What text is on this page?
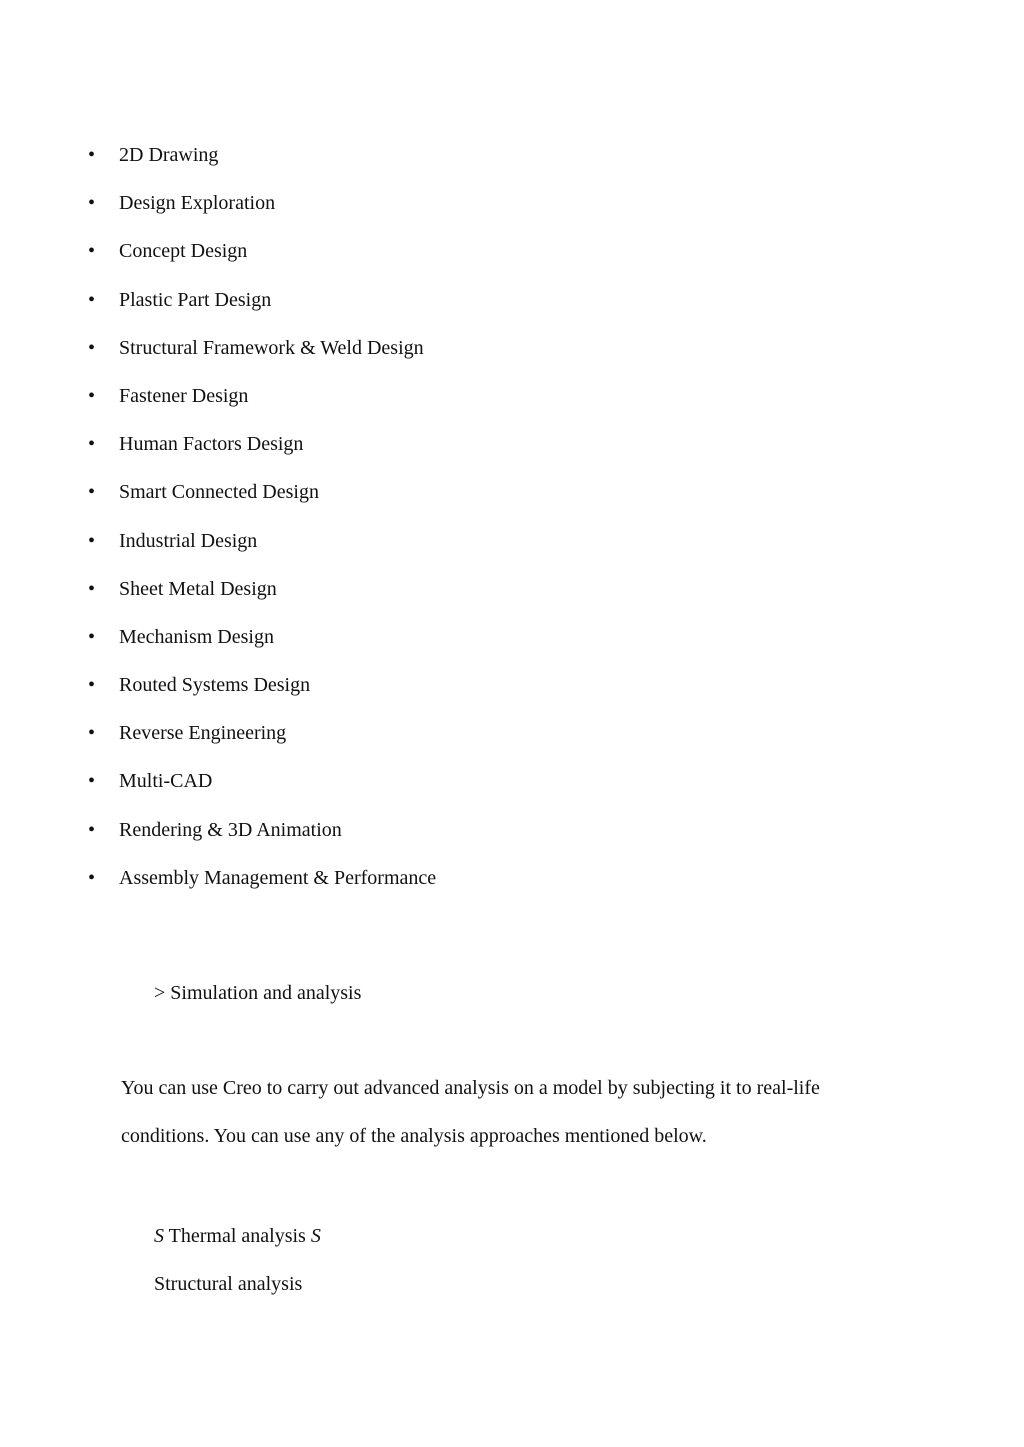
•	2D Drawing
•	Design Exploration
•	Concept Design
•	Plastic Part Design
•	Structural Framework & Weld Design
•	Fastener Design
•	Human Factors Design
•	Smart Connected Design
•	Industrial Design
•	Sheet Metal Design
•	Mechanism Design
•	Routed Systems Design
•	Reverse Engineering
•	Multi-CAD
•	Rendering & 3D Animation
•	Assembly Management & Performance
> Simulation and analysis

You can use Creo to carry out advanced analysis on a model by subjecting it to real-life
conditions. You can use any of the analysis approaches mentioned below.

S Thermal analysis S
Structural analysis
